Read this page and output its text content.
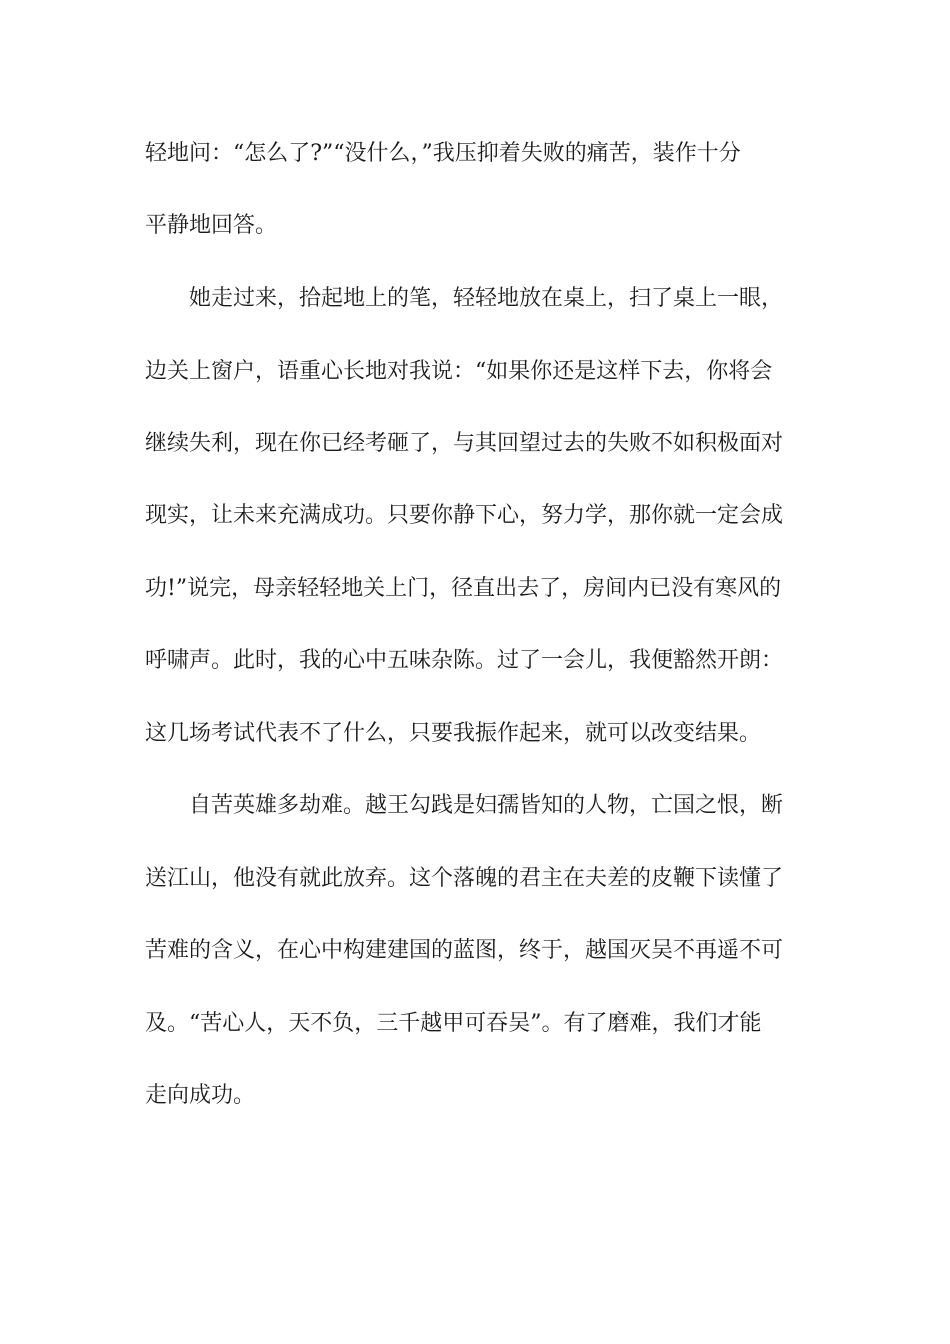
轻地问：“怎么了?”“没什么，”我压抑着失败的痛苦，装作十分

平静地回答。

她走过来，拾起地上的笔，轻轻地放在桌上，扫了桌上一眼，

边关上窗户，语重心长地对我说：“如果你还是这样下去，你将会

继续失利，现在你已经考砸了，与其回望过去的失败不如积极面对

现实，让未来充满成功。只要你静下心，努力学，那你就一定会成

功!”说完，母亲轻轻地关上门，径直出去了，房间内已没有寒风的

呼啸声。此时，我的心中五味杂陈。过了一会儿，我便豁然开朗：

这几场考试代表不了什么，只要我振作起来，就可以改变结果。

自苦英雄多劫难。越王勾践是妇孺皆知的人物，亡国之恨，断

送江山，他没有就此放弃。这个落魄的君主在夫差的皮鞭下读懂了

苦难的含义，在心中构建建国的蓝图，终于，越国灭吴不再遥不可

及。“苦心人，天不负，三千越甲可吞吴”。有了磨难，我们才能

走向成功。
